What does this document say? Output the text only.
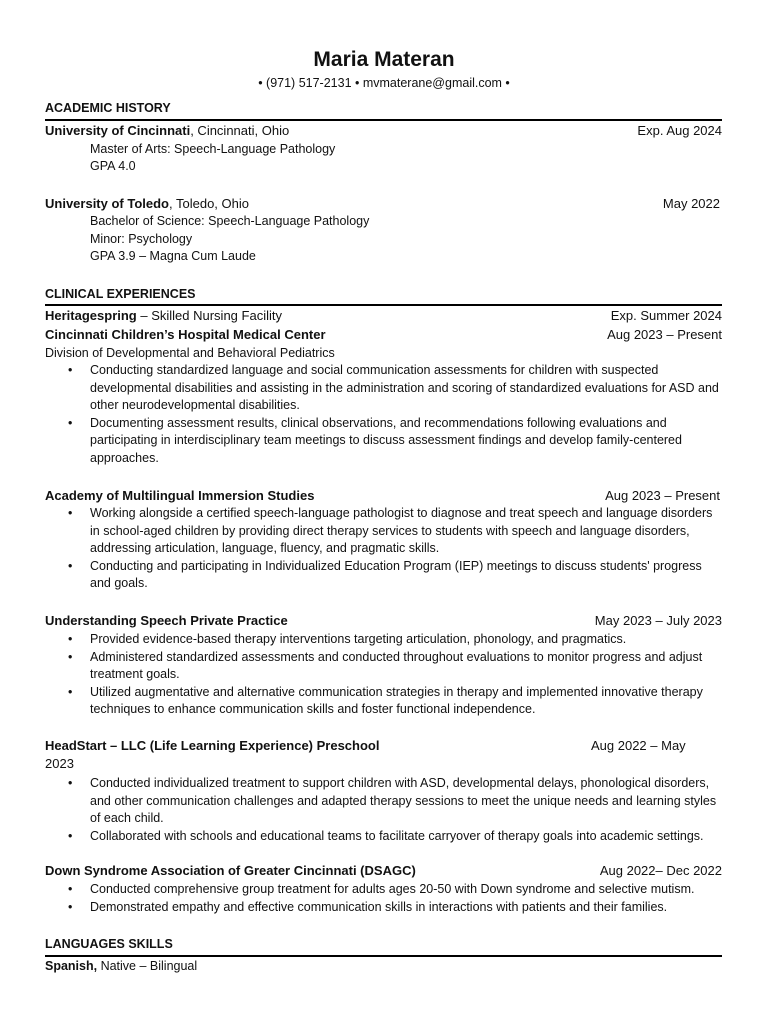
Maria Materan
• (971) 517-2131 • mvmaterane@gmail.com •
ACADEMIC HISTORY
University of Cincinnati, Cincinnati, Ohio	Exp. Aug 2024
Master of Arts: Speech-Language Pathology
GPA 4.0
University of Toledo, Toledo, Ohio	May 2022
Bachelor of Science: Speech-Language Pathology
Minor: Psychology
GPA 3.9 – Magna Cum Laude
CLINICAL EXPERIENCES
Heritagespring – Skilled Nursing Facility	Exp. Summer 2024
Cincinnati Children’s Hospital Medical Center	Aug 2023 – Present
Division of Developmental and Behavioral Pediatrics
• Conducting standardized language and social communication assessments for children with suspected developmental disabilities and assisting in the administration and scoring of standardized evaluations for ASD and other neurodevelopmental disabilities.
• Documenting assessment results, clinical observations, and recommendations following evaluations and participating in interdisciplinary team meetings to discuss assessment findings and develop family-centered approaches.
Academy of Multilingual Immersion Studies	Aug 2023 – Present
• Working alongside a certified speech-language pathologist to diagnose and treat speech and language disorders in school-aged children by providing direct therapy services to students with speech and language disorders, addressing articulation, language, fluency, and pragmatic skills.
• Conducting and participating in Individualized Education Program (IEP) meetings to discuss students' progress and goals.
Understanding Speech Private Practice	May 2023 – July 2023
• Provided evidence-based therapy interventions targeting articulation, phonology, and pragmatics.
• Administered standardized assessments and conducted throughout evaluations to monitor progress and adjust treatment goals.
• Utilized augmentative and alternative communication strategies in therapy and implemented innovative therapy techniques to enhance communication skills and foster functional independence.
HeadStart – LLC (Life Learning Experience) Preschool	Aug 2022 – May
2023
• Conducted individualized treatment to support children with ASD, developmental delays, phonological disorders, and other communication challenges and adapted therapy sessions to meet the unique needs and learning styles of each child.
• Collaborated with schools and educational teams to facilitate carryover of therapy goals into academic settings.
Down Syndrome Association of Greater Cincinnati (DSAGC)	Aug 2022– Dec 2022
• Conducted comprehensive group treatment for adults ages 20-50 with Down syndrome and selective mutism.
• Demonstrated empathy and effective communication skills in interactions with patients and their families.
LANGUAGES SKILLS
Spanish, Native – Bilingual
